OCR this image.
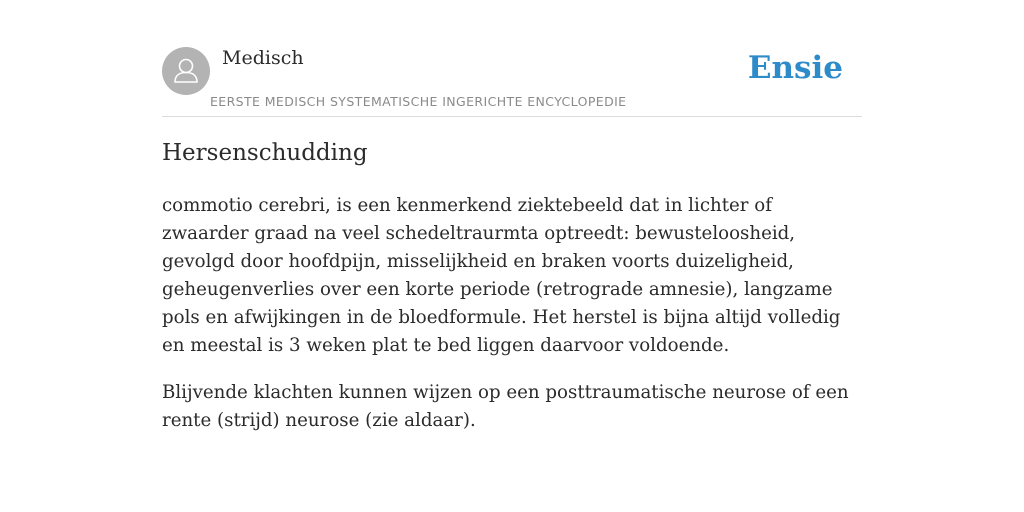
Medisch
EERSTE MEDISCH SYSTEMATISCHE INGERICHTE ENCYCLOPEDIE
Ensie
Hersenschudding

commotio cerebri, is een kenmerkend ziektebeeld dat in lichter of zwaarder graad na veel schedeltraurmta optreedt: bewusteloosheid, gevolgd door hoofdpijn, misselijkheid en braken voorts duizeligheid, geheugenverlies over een korte periode (retrograde amnesie), langzame pols en afwijkingen in de bloedformule. Het herstel is bijna altijd volledig en meestal is 3 weken plat te bed liggen daarvoor voldoende.

Blijvende klachten kunnen wijzen op een posttraumatische neurose of een rente (strijd) neurose (zie aldaar).
